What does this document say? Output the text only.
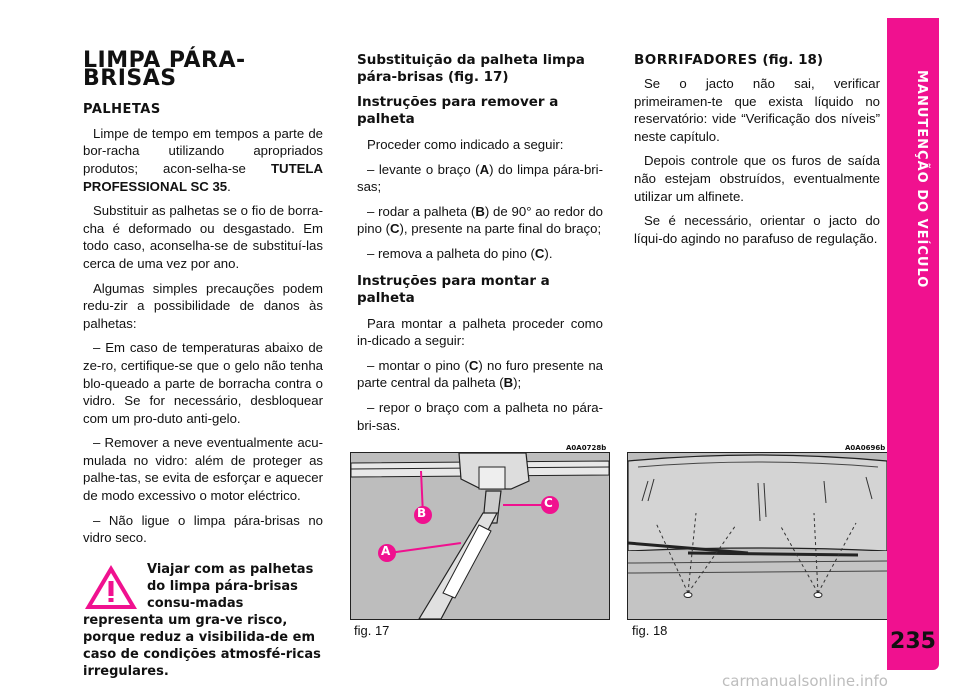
LIMPA PÁRA-BRISAS
PALHETAS

Limpe de tempo em tempos a parte de bor-racha utilizando apropriados produtos; acon-selha-se TUTELA PROFESSIONAL SC 35.

Substituir as palhetas se o fio de borra-cha é deformado ou desgastado. Em todo caso, aconselha-se de substituí-las cerca de uma vez por ano.

Algumas simples precauções podem redu-zir a possibilidade de danos às palhetas:

– Em caso de temperaturas abaixo de ze-ro, certifique-se que o gelo não tenha blo-queado a parte de borracha contra o vidro. Se for necessário, desbloquear com um pro-duto anti-gelo.

– Remover a neve eventualmente acu-mulada no vidro: além de proteger as palhe-tas, se evita de esforçar e aquecer de modo excessivo o motor eléctrico.

– Não ligue o limpa pára-brisas no vidro seco.

Viajar com as palhetas do limpa pára-brisas consu-madas representa um gra-ve risco, porque reduz a visibilida-de em caso de condições atmosfé-ricas irregulares.
Substituição da palheta limpa pára-brisas (fig. 17)
Instruções para remover a palheta

Proceder como indicado a seguir:

– levante o braço (A) do limpa pára-bri-sas;

– rodar a palheta (B) de 90° ao redor do pino (C), presente na parte final do braço;

– remova a palheta do pino (C).

Instruções para montar a palheta

Para montar a palheta proceder como in-dicado a seguir:

– montar o pino (C) no furo presente na parte central da palheta (B);

– repor o braço com a palheta no pára-bri-sas.

BORRIFADORES (fig. 18)

Se o jacto não sai, verificar primeiramen-te que exista líquido no reservatório: vide “Verificação dos níveis” neste capítulo.

Depois controle que os furos de saída não estejam obstruídos, eventualmente utilizar um alfinete.

Se é necessário, orientar o jacto do líqui-do agindo no parafuso de regulação.

A0A0728b
B
C
A
fig. 17
A0A0696b
fig. 18
MANUTENÇÃO DO VEÍCULO
235
carmanualsonline.info
